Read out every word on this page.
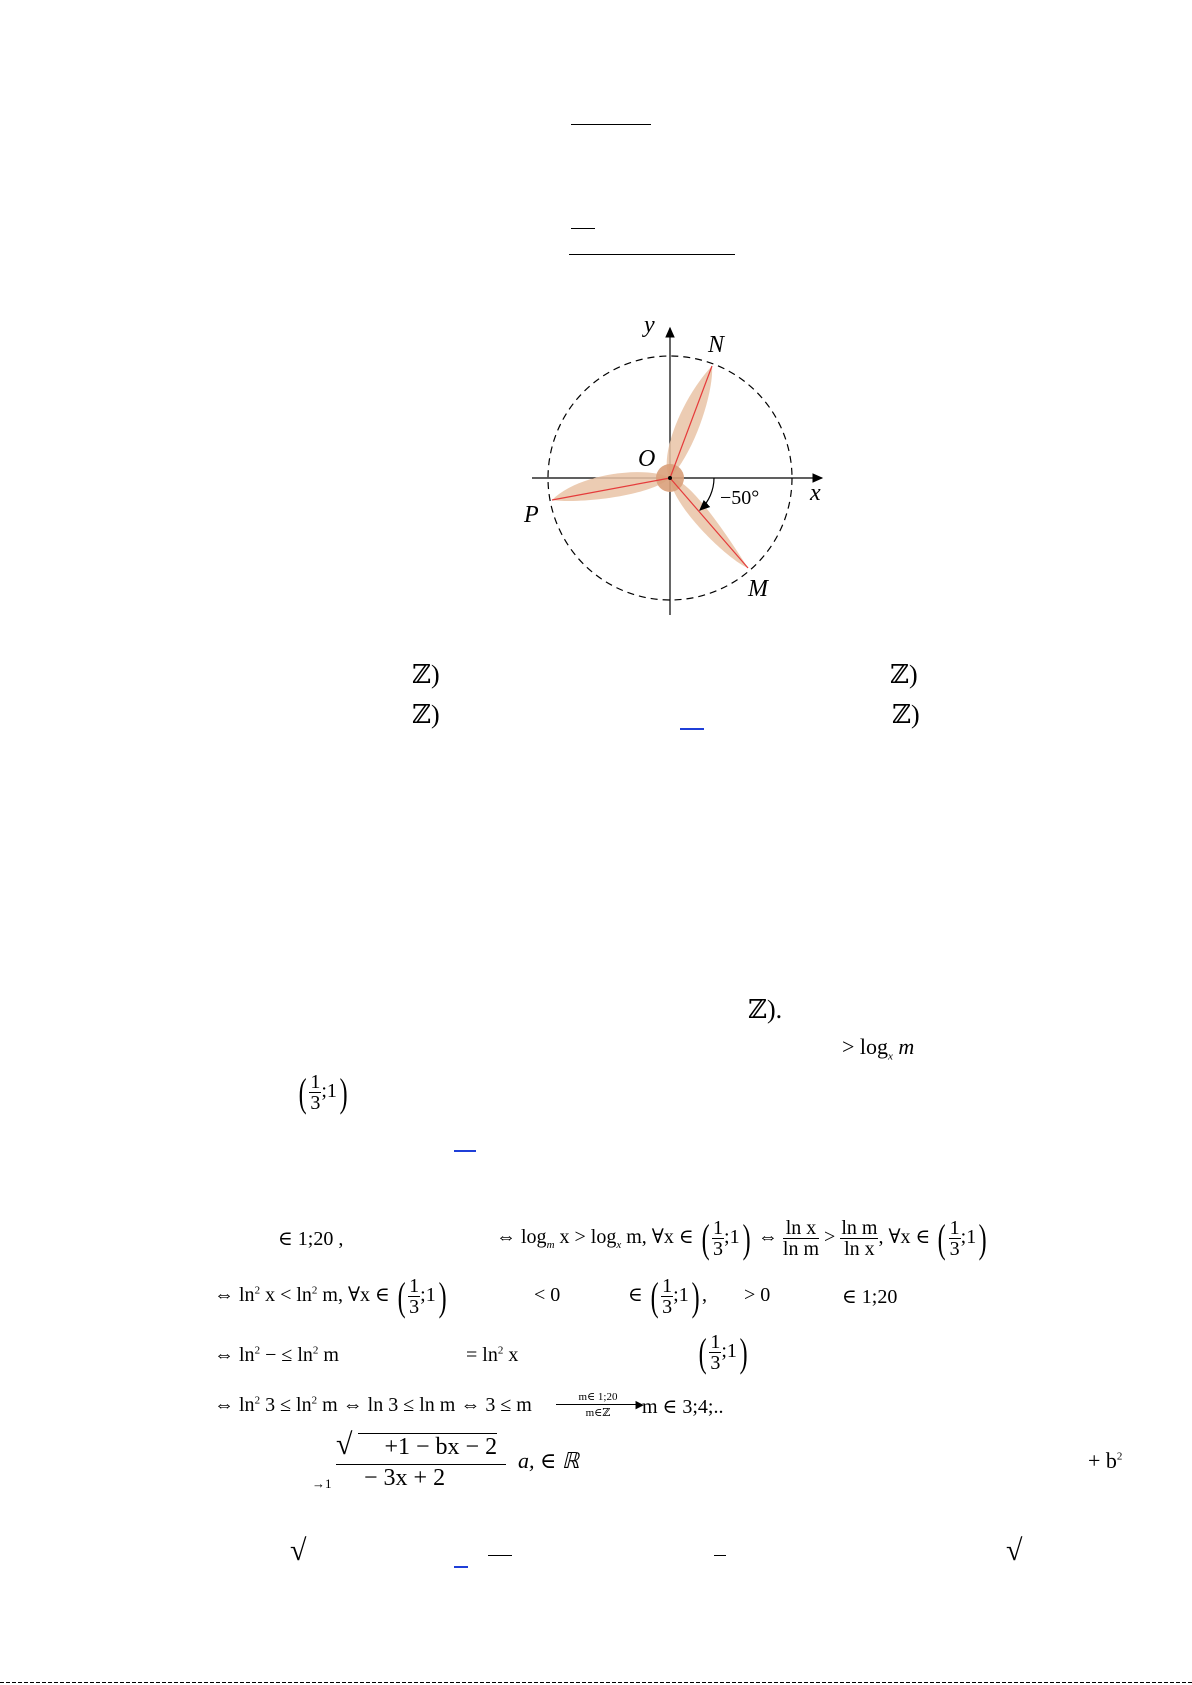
y
x
N
O
P
M
−50°
ℤ)	ℤ)
ℤ)	ℤ)
ℤ).
> $\log_x m$
( $\frac{1}{3}$ ;1)
∈ 1;20 ,	⇔ $\log_m x > \log_x m$, ∀x ∈ ( $\frac{1}{3}$ ;1) ⇔ $\frac{\text{ln x}}{\text{ln m}} > \frac{\text{ln m}}{\text{ln x}}$ , ∀x ∈ ( $\frac{1}{3}$ ;1)
⇔ $\ln^2 x < \ln^2 m$, ∀x ∈ ( $\frac{1}{3}$ ;1)	< 0	∈ ( $\frac{1}{3}$ ;1) , > 0	∈ 1;20
⇔ $\ln^2$ − ≤ $\ln^2 m$	= $\ln^2 x$	( $\frac{1}{3}$ ;1)
⇔ $\ln^2 3 \le \ln^2 m$ ⇔ ln 3 ≤ ln m ⇔ 3 ≤ m	m∈ 1;20
▶
m∈ℤ	m ∈ 3;4;..
→1
√ +1 − bx − 2
− 3x + 2
a, ∈ ℝ	+ $b^2$
√	√
